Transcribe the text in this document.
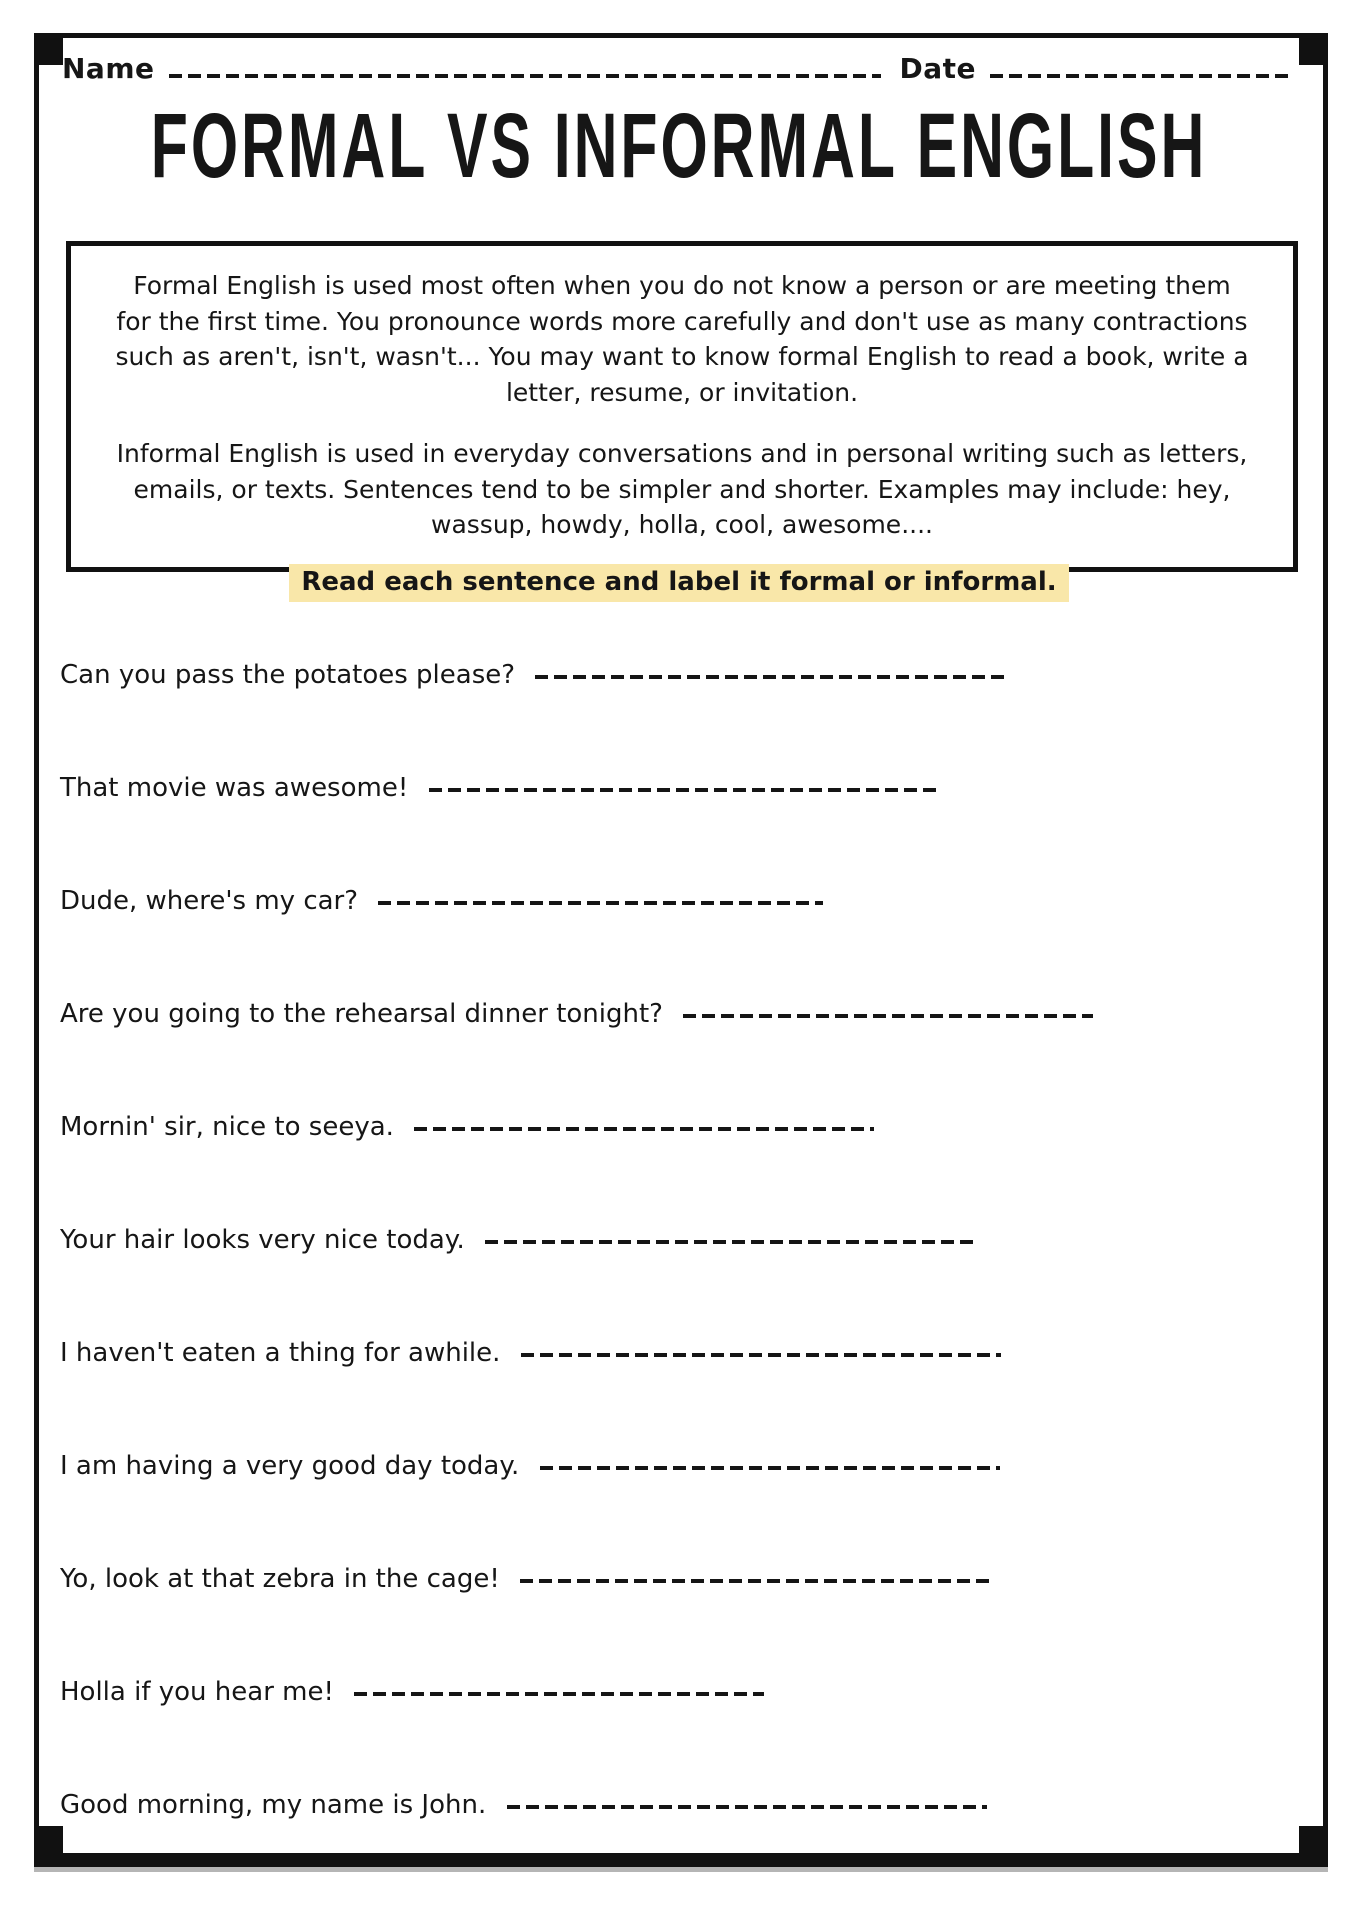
Name	Date
FORMAL VS INFORMAL ENGLISH

Formal English is used most often when you do not know a person or are meeting them for the first time. You pronounce words more carefully and don't use as many contractions such as aren't, isn't, wasn't... You may want to know formal English to read a book, write a letter, resume, or invitation.

Informal English is used in everyday conversations and in personal writing such as letters, emails, or texts. Sentences tend to be simpler and shorter. Examples may include: hey, wassup, howdy, holla, cool, awesome....

Read each sentence and label it formal or informal.
Can you pass the potatoes please?
That movie was awesome!
Dude, where's my car?
Are you going to the rehearsal dinner tonight?
Mornin' sir, nice to seeya.
Your hair looks very nice today.
I haven't eaten a thing for awhile.
I am having a very good day today.
Yo, look at that zebra in the cage!
Holla if you hear me!
Good morning, my name is John.
